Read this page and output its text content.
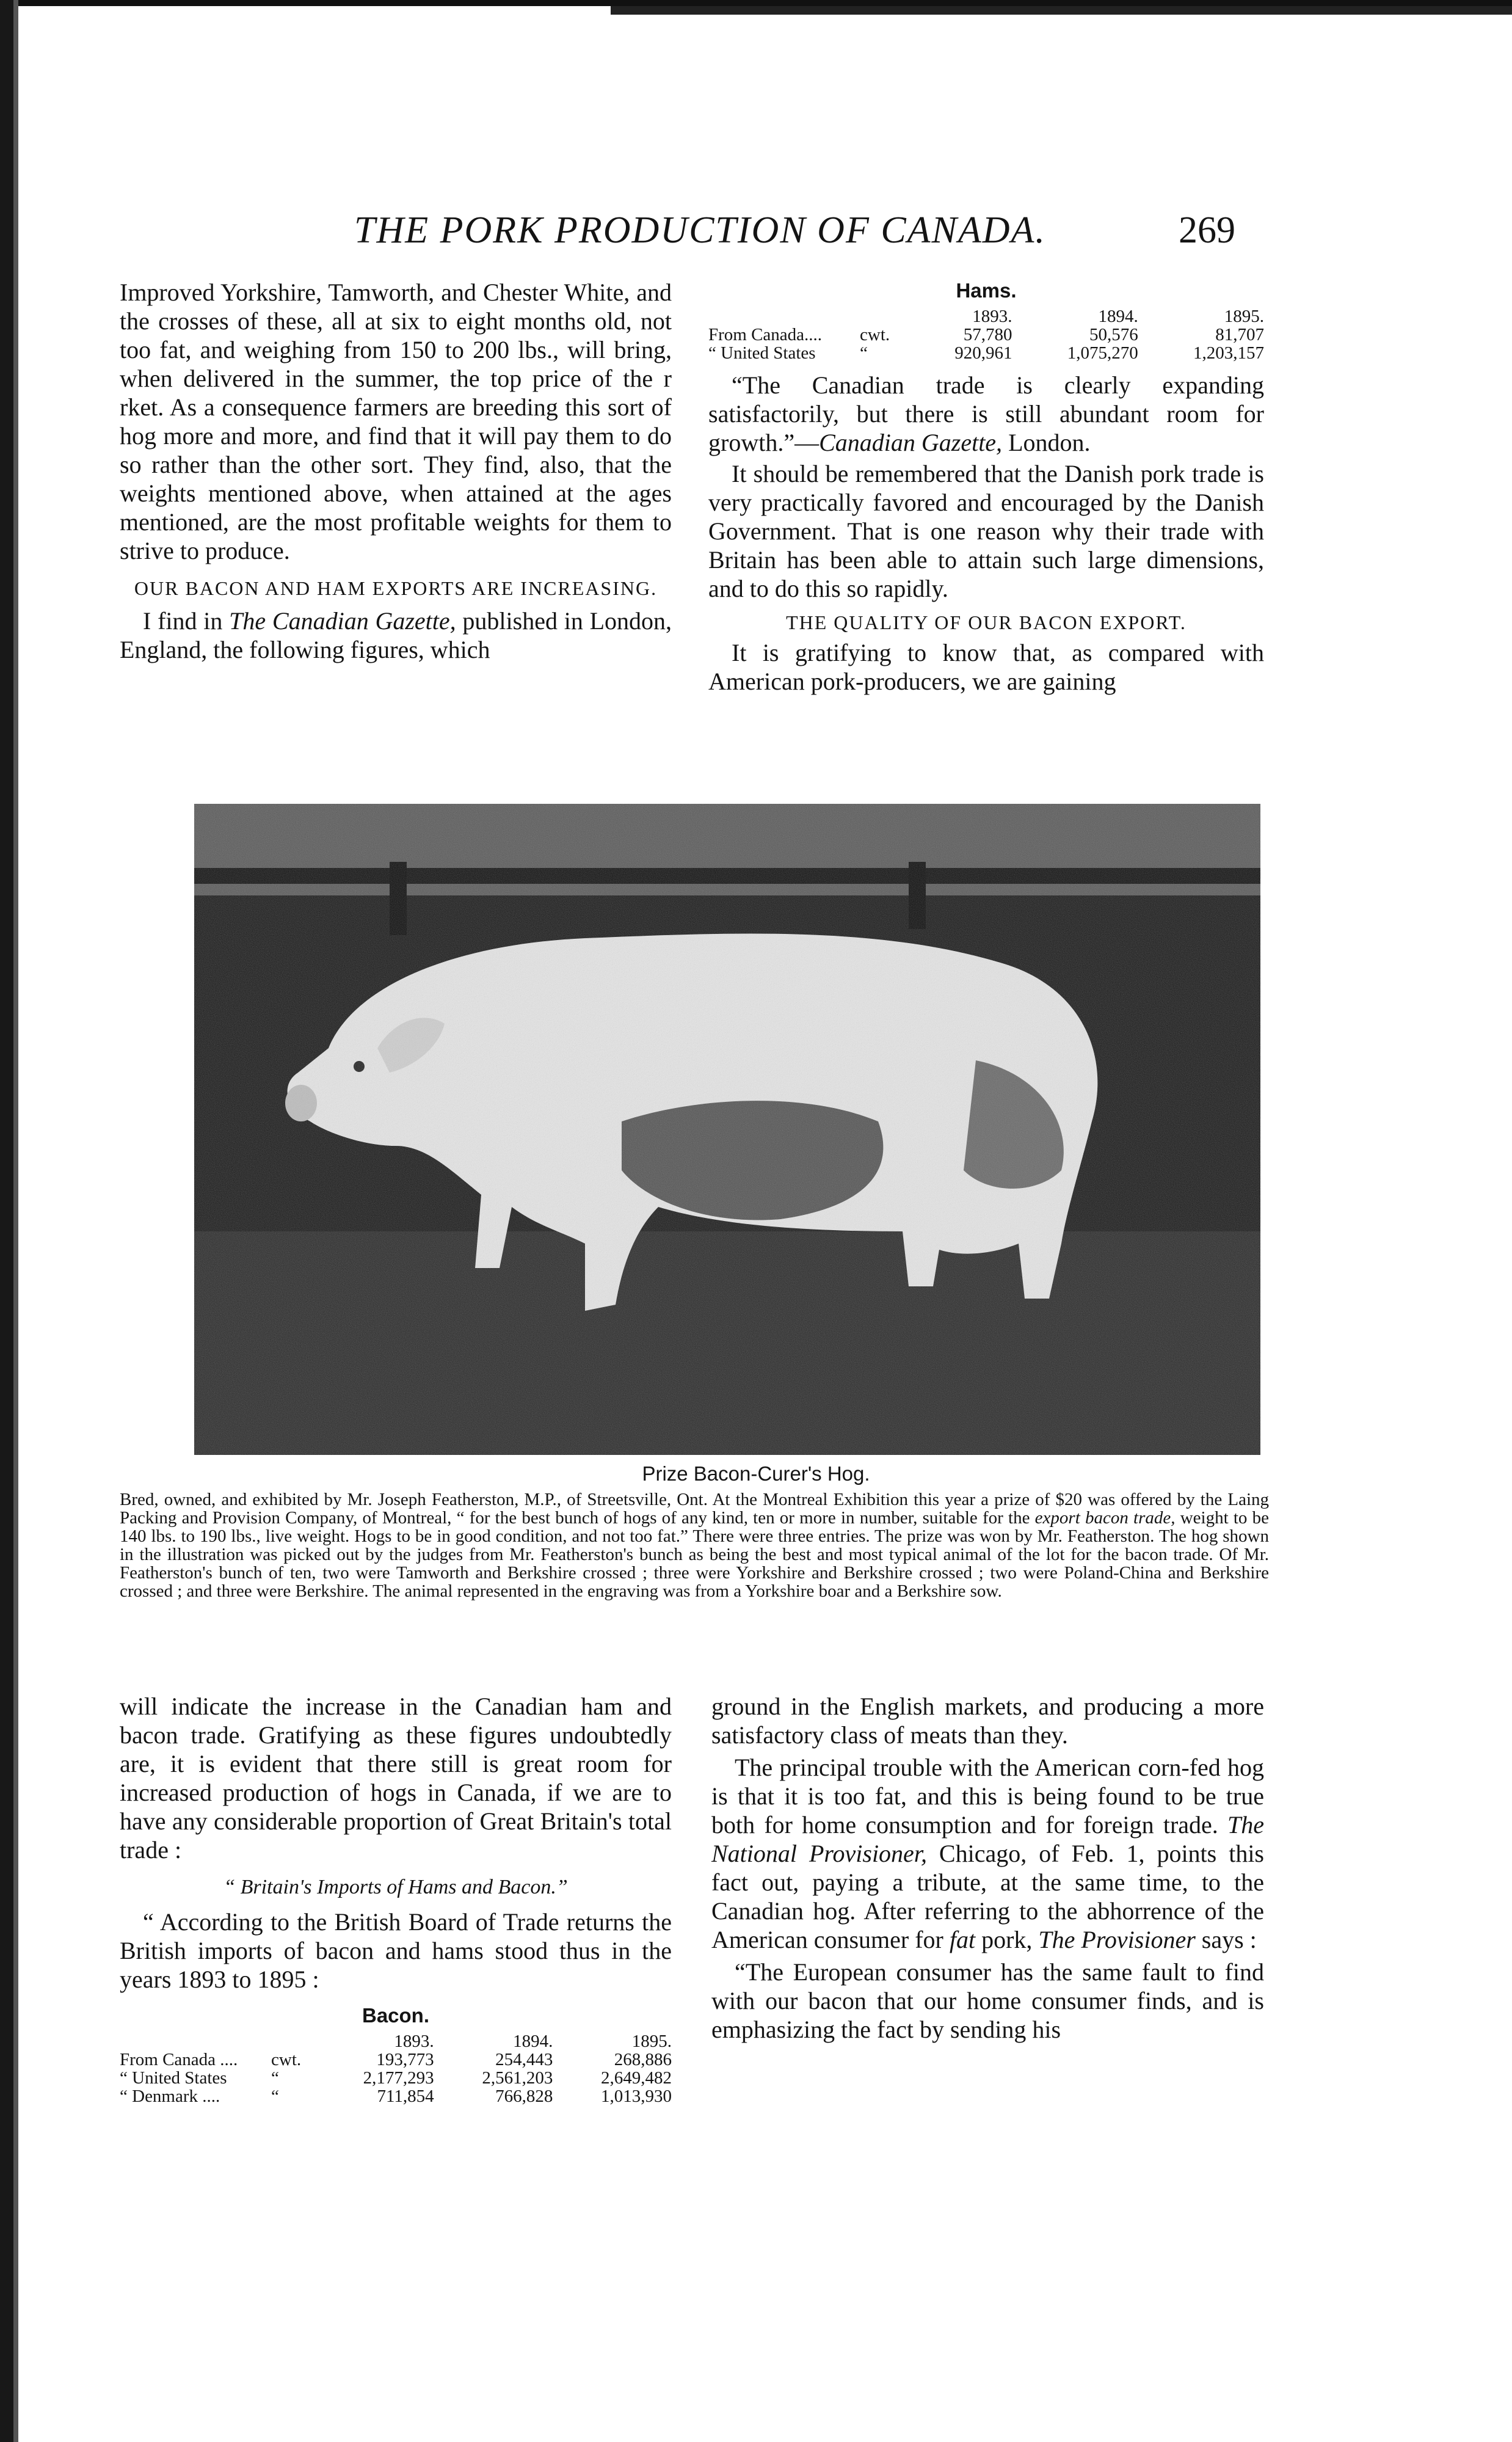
THE PORK PRODUCTION OF CANADA.	269

Improved Yorkshire, Tamworth, and Chester White, and the crosses of these, all at six to eight months old, not too fat, and weighing from 150 to 200 lbs., will bring, when delivered in the summer, the top price of the r rket. As a consequence farmers are breeding this sort of hog more and more, and find that it will pay them to do so rather than the other sort. They find, also, that the weights mentioned above, when attained at the ages mentioned, are the most profitable weights for them to strive to produce.

OUR BACON AND HAM EXPORTS ARE INCREASING.

I find in The Canadian Gazette, published in London, England, the following figures, which

Hams.
		1893.	1894.	1895.
From Canada....	cwt.	57,780	50,576	81,707
“ United States	“	920,961	1,075,270	1,203,157

“The Canadian trade is clearly expanding satisfactorily, but there is still abundant room for growth.”—Canadian Gazette, London.

It should be remembered that the Danish pork trade is very practically favored and encouraged by the Danish Government. That is one reason why their trade with Britain has been able to attain such large dimensions, and to do this so rapidly.

THE QUALITY OF OUR BACON EXPORT.

It is gratifying to know that, as compared with American pork-producers, we are gaining

Prize Bacon-Curer's Hog.
Bred, owned, and exhibited by Mr. Joseph Featherston, M.P., of Streetsville, Ont. At the Montreal Exhibition this year a prize of $20 was offered by the Laing Packing and Provision Company, of Montreal, “ for the best bunch of hogs of any kind, ten or more in number, suitable for the export bacon trade, weight to be 140 lbs. to 190 lbs., live weight. Hogs to be in good condition, and not too fat.” There were three entries. The prize was won by Mr. Featherston. The hog shown in the illustration was picked out by the judges from Mr. Featherston's bunch as being the best and most typical animal of the lot for the bacon trade. Of Mr. Featherston's bunch of ten, two were Tamworth and Berkshire crossed ; three were Yorkshire and Berkshire crossed ; two were Poland-China and Berkshire crossed ; and three were Berkshire. The animal represented in the engraving was from a Yorkshire boar and a Berkshire sow.

will indicate the increase in the Canadian ham and bacon trade. Gratifying as these figures undoubtedly are, it is evident that there still is great room for increased production of hogs in Canada, if we are to have any considerable proportion of Great Britain's total trade :

“ Britain's Imports of Hams and Bacon.”

“ According to the British Board of Trade returns the British imports of bacon and hams stood thus in the years 1893 to 1895 :

Bacon.
		1893.	1894.	1895.
From Canada ....	cwt.	193,773	254,443	268,886
“ United States	“	2,177,293	2,561,203	2,649,482
“ Denmark ....	“	711,854	766,828	1,013,930

ground in the English markets, and producing a more satisfactory class of meats than they.

The principal trouble with the American corn-fed hog is that it is too fat, and this is being found to be true both for home consumption and for foreign trade. The National Provisioner, Chicago, of Feb. 1, points this fact out, paying a tribute, at the same time, to the Canadian hog. After referring to the abhorrence of the American consumer for fat pork, The Provisioner says :

“The European consumer has the same fault to find with our bacon that our home consumer finds, and is emphasizing the fact by sending his
